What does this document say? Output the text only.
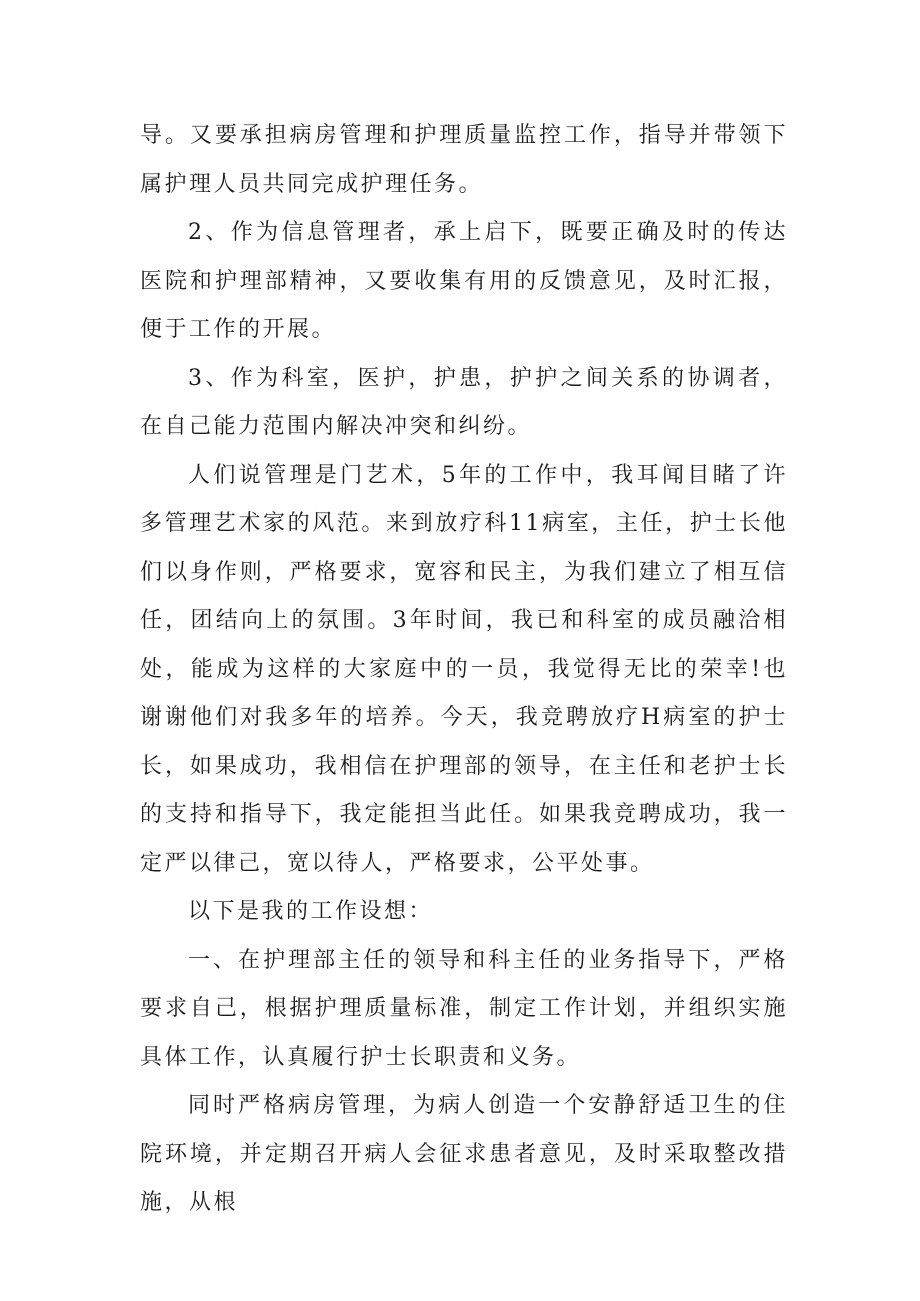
导。又要承担病房管理和护理质量监控工作，指导并带领下属护理人员共同完成护理任务。

2、作为信息管理者，承上启下，既要正确及时的传达医院和护理部精神，又要收集有用的反馈意见，及时汇报，便于工作的开展。

3、作为科室，医护，护患，护护之间关系的协调者，在自己能力范围内解决冲突和纠纷。

人们说管理是门艺术，5年的工作中，我耳闻目睹了许多管理艺术家的风范。来到放疗科11病室，主任，护士长他们以身作则，严格要求，宽容和民主，为我们建立了相互信任，团结向上的氛围。3年时间，我已和科室的成员融洽相处，能成为这样的大家庭中的一员，我觉得无比的荣幸!也谢谢他们对我多年的培养。今天，我竞聘放疗H病室的护士长，如果成功，我相信在护理部的领导，在主任和老护士长的支持和指导下，我定能担当此任。如果我竞聘成功，我一定严以律己，宽以待人，严格要求，公平处事。

以下是我的工作设想：

一、在护理部主任的领导和科主任的业务指导下，严格要求自己，根据护理质量标准，制定工作计划，并组织实施具体工作，认真履行护士长职责和义务。

同时严格病房管理，为病人创造一个安静舒适卫生的住院环境，并定期召开病人会征求患者意见，及时采取整改措施，从根
